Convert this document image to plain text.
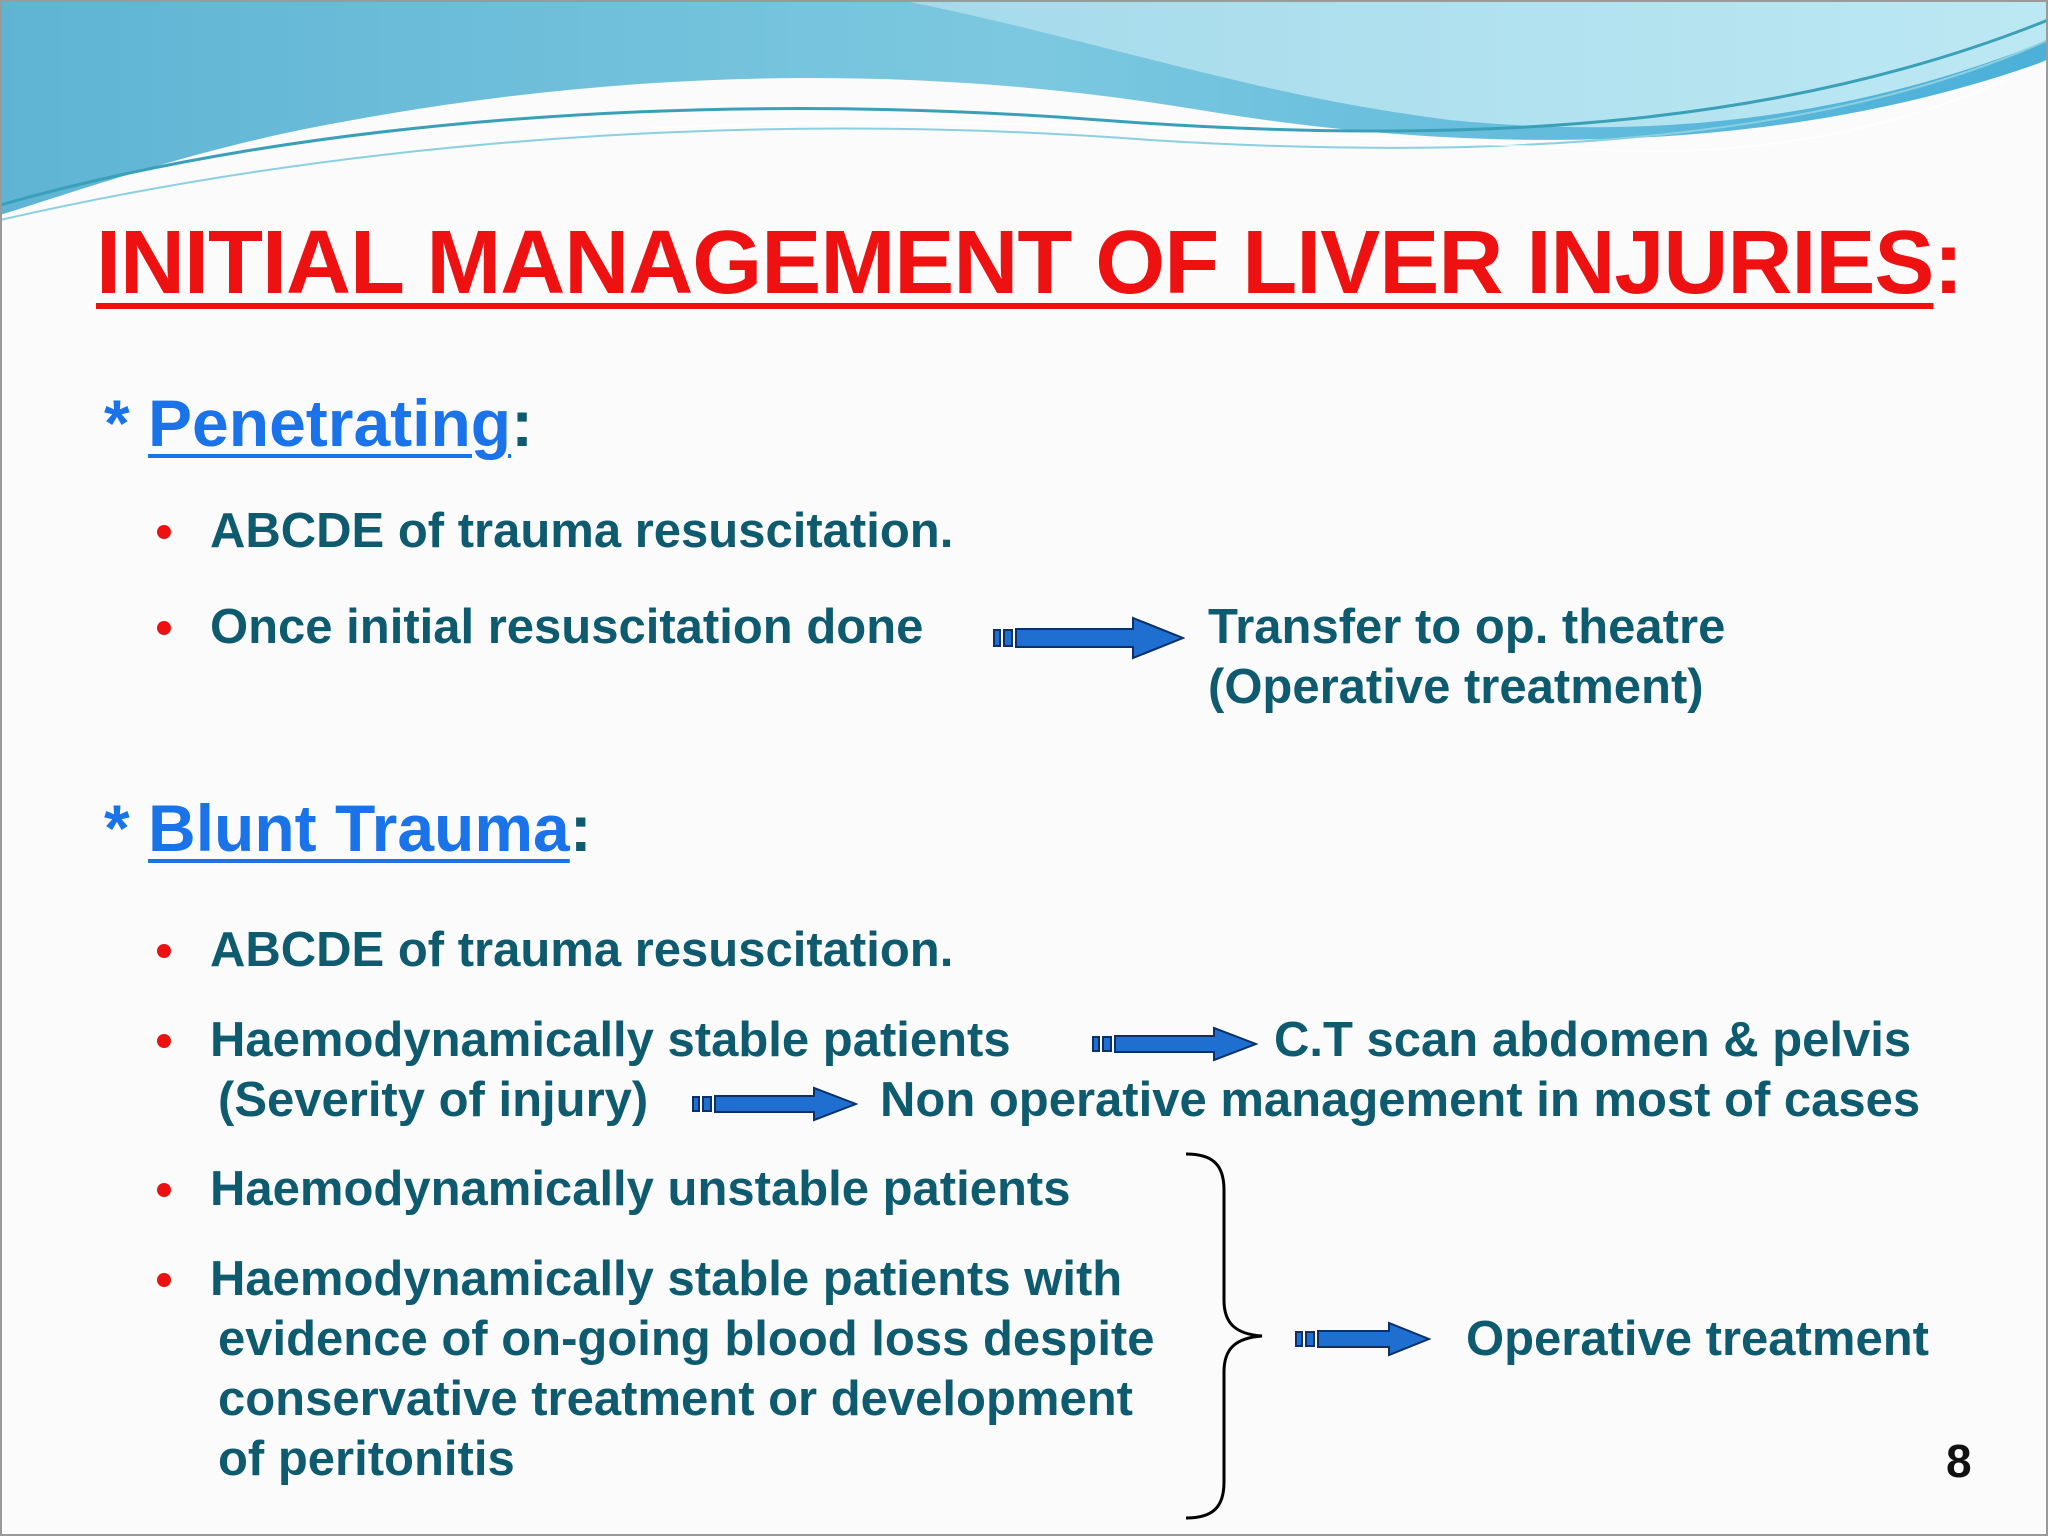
INITIAL MANAGEMENT OF LIVER INJURIES:
* Penetrating:
ABCDE of trauma resuscitation.
Once initial resuscitation done	Transfer to op. theatre
(Operative treatment)
* Blunt Trauma:
ABCDE of trauma resuscitation.
Haemodynamically stable patients	C.T scan abdomen & pelvis
(Severity of injury)	Non operative management in most of cases
Haemodynamically unstable patients
Haemodynamically stable patients with
evidence of on-going blood loss despite
conservative treatment or development
of peritonitis
Operative treatment
8
